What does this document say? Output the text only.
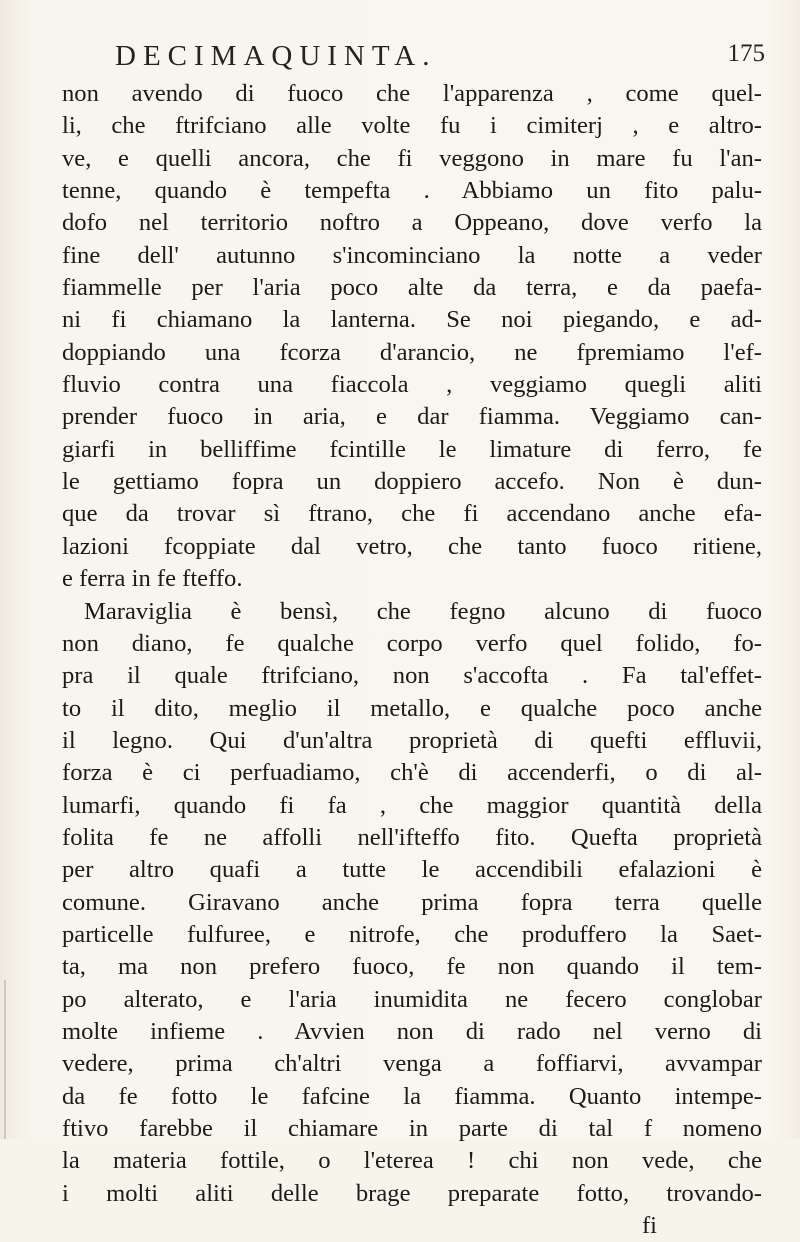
DECIMAQUINTA.	175
non avendo di fuoco che l'apparenza , come quel-
li, che ftrifciano alle volte fu i cimiterj , e altro-
ve, e quelli ancora, che fi veggono in mare fu l'an-
tenne, quando è tempefta . Abbiamo un fito palu-
dofo nel territorio noftro a Oppeano, dove verfo la
fine dell' autunno s'incominciano la notte a veder
fiammelle per l'aria poco alte da terra, e da paefa-
ni fi chiamano la lanterna. Se noi piegando, e ad-
doppiando una fcorza d'arancio, ne fpremiamo l'ef-
fluvio contra una fiaccola , veggiamo quegli aliti
prender fuoco in aria, e dar fiamma. Veggiamo can-
giarfi in belliffime fcintille le limature di ferro, fe
le gettiamo fopra un doppiero accefo. Non è dun-
que da trovar sì ftrano, che fi accendano anche efa-
lazioni fcoppiate dal vetro, che tanto fuoco ritiene,
e ferra in fe fteffo.
Maraviglia è bensì, che fegno alcuno di fuoco
non diano, fe qualche corpo verfo quel folido, fo-
pra il quale ftrifciano, non s'accofta . Fa tal'effet-
to il dito, meglio il metallo, e qualche poco anche
il legno. Qui d'un'altra proprietà di quefti effluvii,
forza è ci perfuadiamo, ch'è di accenderfi, o di al-
lumarfi, quando fi fa , che maggior quantità della
folita fe ne affolli nell'ifteffo fito. Quefta proprietà
per altro quafi a tutte le accendibili efalazioni è
comune. Giravano anche prima fopra terra quelle
particelle fulfuree, e nitrofe, che produffero la Saet-
ta, ma non prefero fuoco, fe non quando il tem-
po alterato, e l'aria inumidita ne fecero conglobar
molte infieme . Avvien non di rado nel verno di
vedere, prima ch'altri venga a foffiarvi, avvampar
da fe fotto le fafcine la fiamma. Quanto intempe-
ftivo farebbe il chiamare in parte di tal f nomeno
la materia fottile, o l'eterea ! chi non vede, che
i molti aliti delle brage preparate fotto, trovando-
fi
